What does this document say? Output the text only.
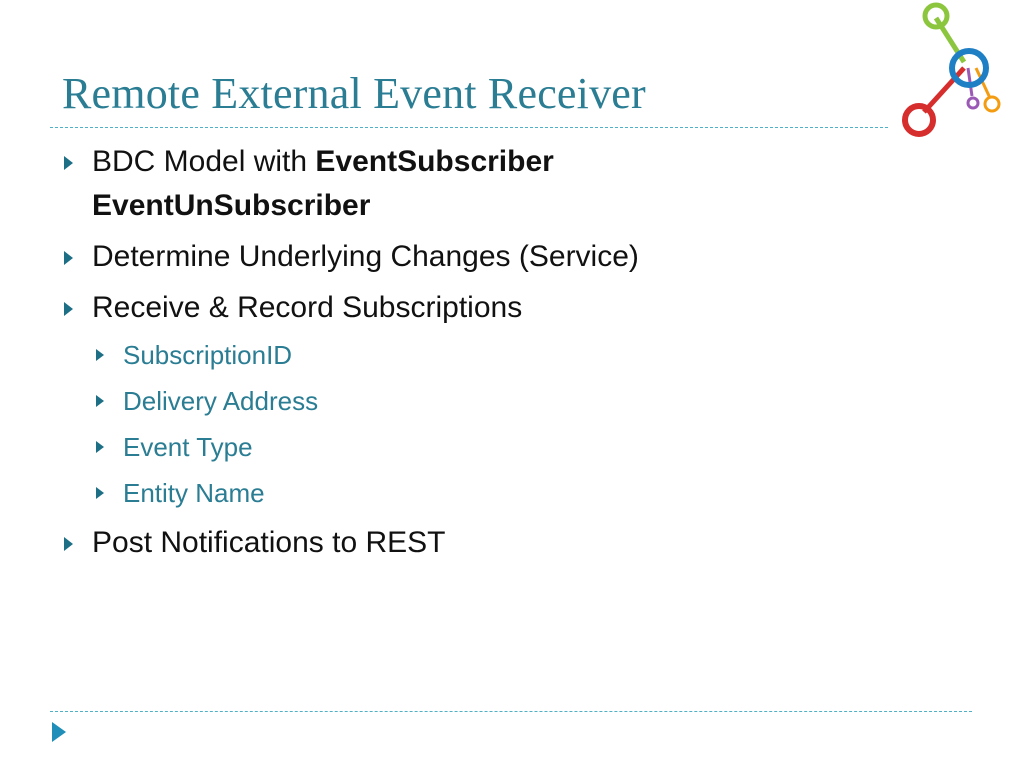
Remote External Event Receiver
BDC Model with EventSubscriber
EventUnSubscriber
Determine Underlying Changes (Service)
Receive & Record Subscriptions
SubscriptionID
Delivery Address
Event Type
Entity Name
Post Notifications to REST
